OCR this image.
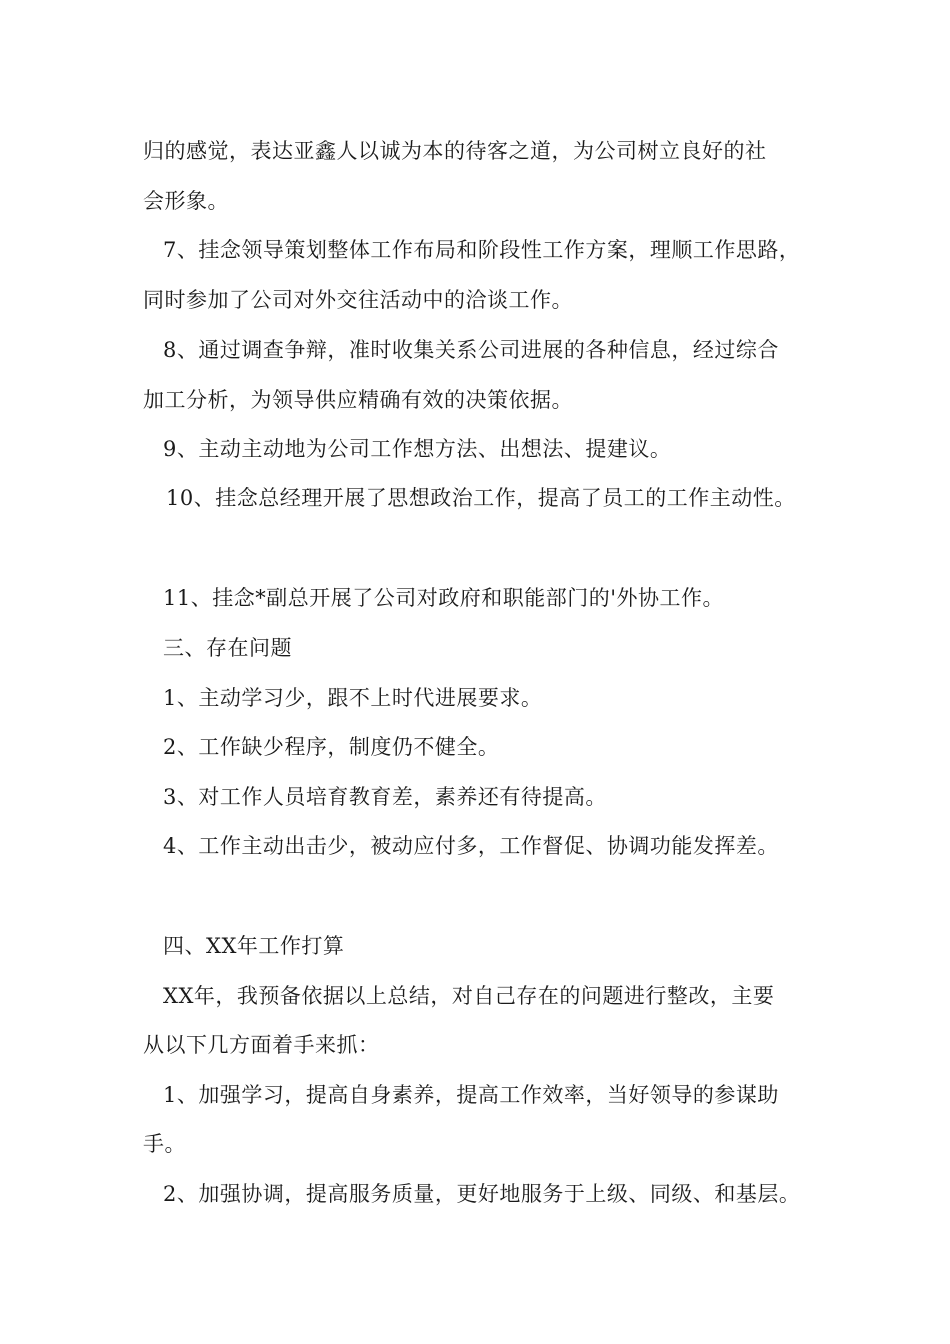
归的感觉，表达亚鑫人以诚为本的待客之道，为公司树立良好的社
会形象。
7、挂念领导策划整体工作布局和阶段性工作方案，理顺工作思路，
同时参加了公司对外交往活动中的洽谈工作。
8、通过调查争辩，准时收集关系公司进展的各种信息，经过综合
加工分析，为领导供应精确有效的决策依据。
9、主动主动地为公司工作想方法、出想法、提建议。
10、挂念总经理开展了思想政治工作，提高了员工的工作主动性。
11、挂念*副总开展了公司对政府和职能部门的'外协工作。
三、存在问题
1、主动学习少，跟不上时代进展要求。
2、工作缺少程序，制度仍不健全。
3、对工作人员培育教育差，素养还有待提高。
4、工作主动出击少，被动应付多，工作督促、协调功能发挥差。
四、XX年工作打算
XX年，我预备依据以上总结，对自己存在的问题进行整改，主要
从以下几方面着手来抓：
1、加强学习，提高自身素养，提高工作效率，当好领导的参谋助
手。
2、加强协调，提高服务质量，更好地服务于上级、同级、和基层。
